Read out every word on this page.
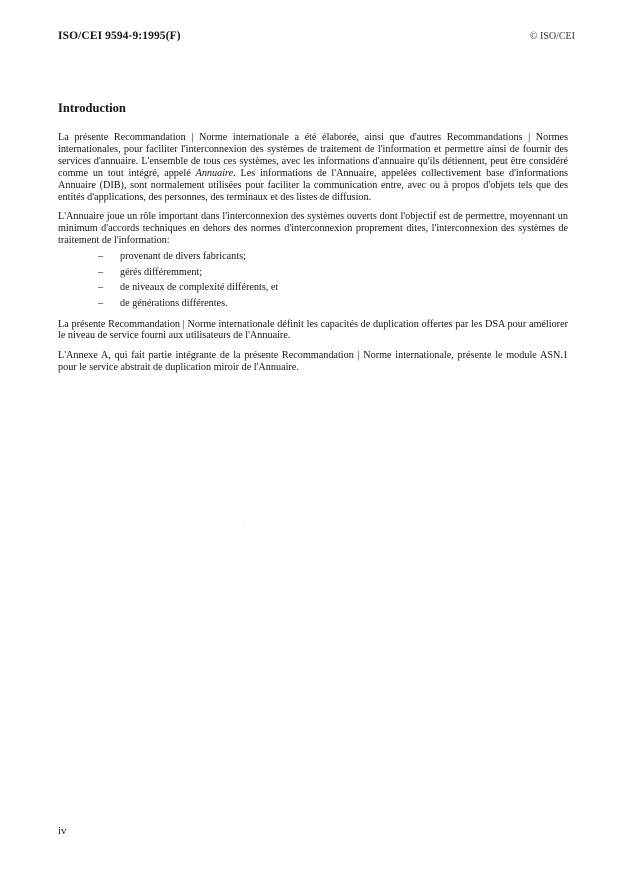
ISO/CEI 9594-9:1995(F)	© ISO/CEI
Introduction

La présente Recommandation | Norme internationale a été élaborée, ainsi que d'autres Recommandations | Normes internationales, pour faciliter l'interconnexion des systèmes de traitement de l'information et permettre ainsi de fournir des services d'annuaire. L'ensemble de tous ces systèmes, avec les informations d'annuaire qu'ils détiennent, peut être considéré comme un tout intégré, appelé Annuaire. Les informations de l'Annuaire, appelées collectivement base d'informations Annuaire (DIB), sont normalement utilisées pour faciliter la communication entre, avec ou à propos d'objets tels que des entités d'applications, des personnes, des terminaux et des listes de diffusion.

L'Annuaire joue un rôle important dans l'interconnexion des systèmes ouverts dont l'objectif est de permettre, moyennant un minimum d'accords techniques en dehors des normes d'interconnexion proprement dites, l'interconnexion des systèmes de traitement de l'information:

– provenant de divers fabricants;
– gérés différemment;
– de niveaux de complexité différents, et
– de générations différentes.

La présente Recommandation | Norme internationale définit les capacités de duplication offertes par les DSA pour améliorer le niveau de service fourni aux utilisateurs de l'Annuaire.

L'Annexe A, qui fait partie intégrante de la présente Recommandation | Norme internationale, présente le module ASN.1 pour le service abstrait de duplication miroir de l'Annuaire.

·
iv
